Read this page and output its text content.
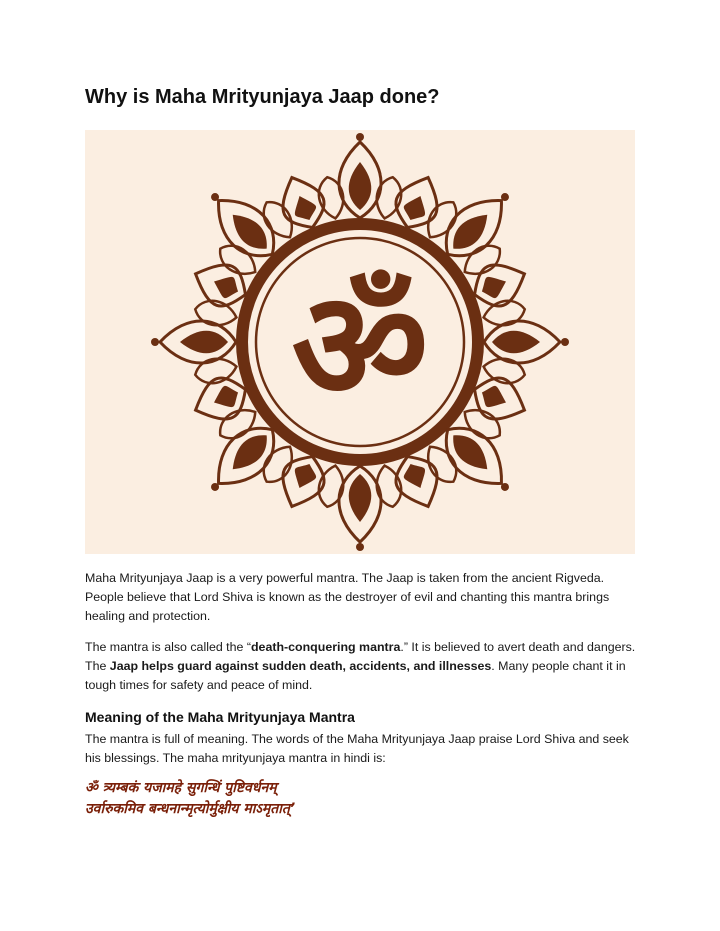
Why is Maha Mrityunjaya Jaap done?
ॐ

Maha Mrityunjaya Jaap is a very powerful mantra. The Jaap is taken from the ancient Rigveda. People believe that Lord Shiva is known as the destroyer of evil and chanting this mantra brings healing and protection.

The mantra is also called the “death-conquering mantra.” It is believed to avert death and dangers. The Jaap helps guard against sudden death, accidents, and illnesses. Many people chant it in tough times for safety and peace of mind.

Meaning of the Maha Mrityunjaya Mantra

The mantra is full of meaning. The words of the Maha Mrityunjaya Jaap praise Lord Shiva and seek his blessings. The maha mrityunjaya mantra in hindi is:

ॐ त्र्यम्बकं यजामहे सुगन्धिं पुष्टिवर्धनम्
उर्वारुकमिव बन्धनान्मृत्योर्मुक्षीय माऽमृतात्’
